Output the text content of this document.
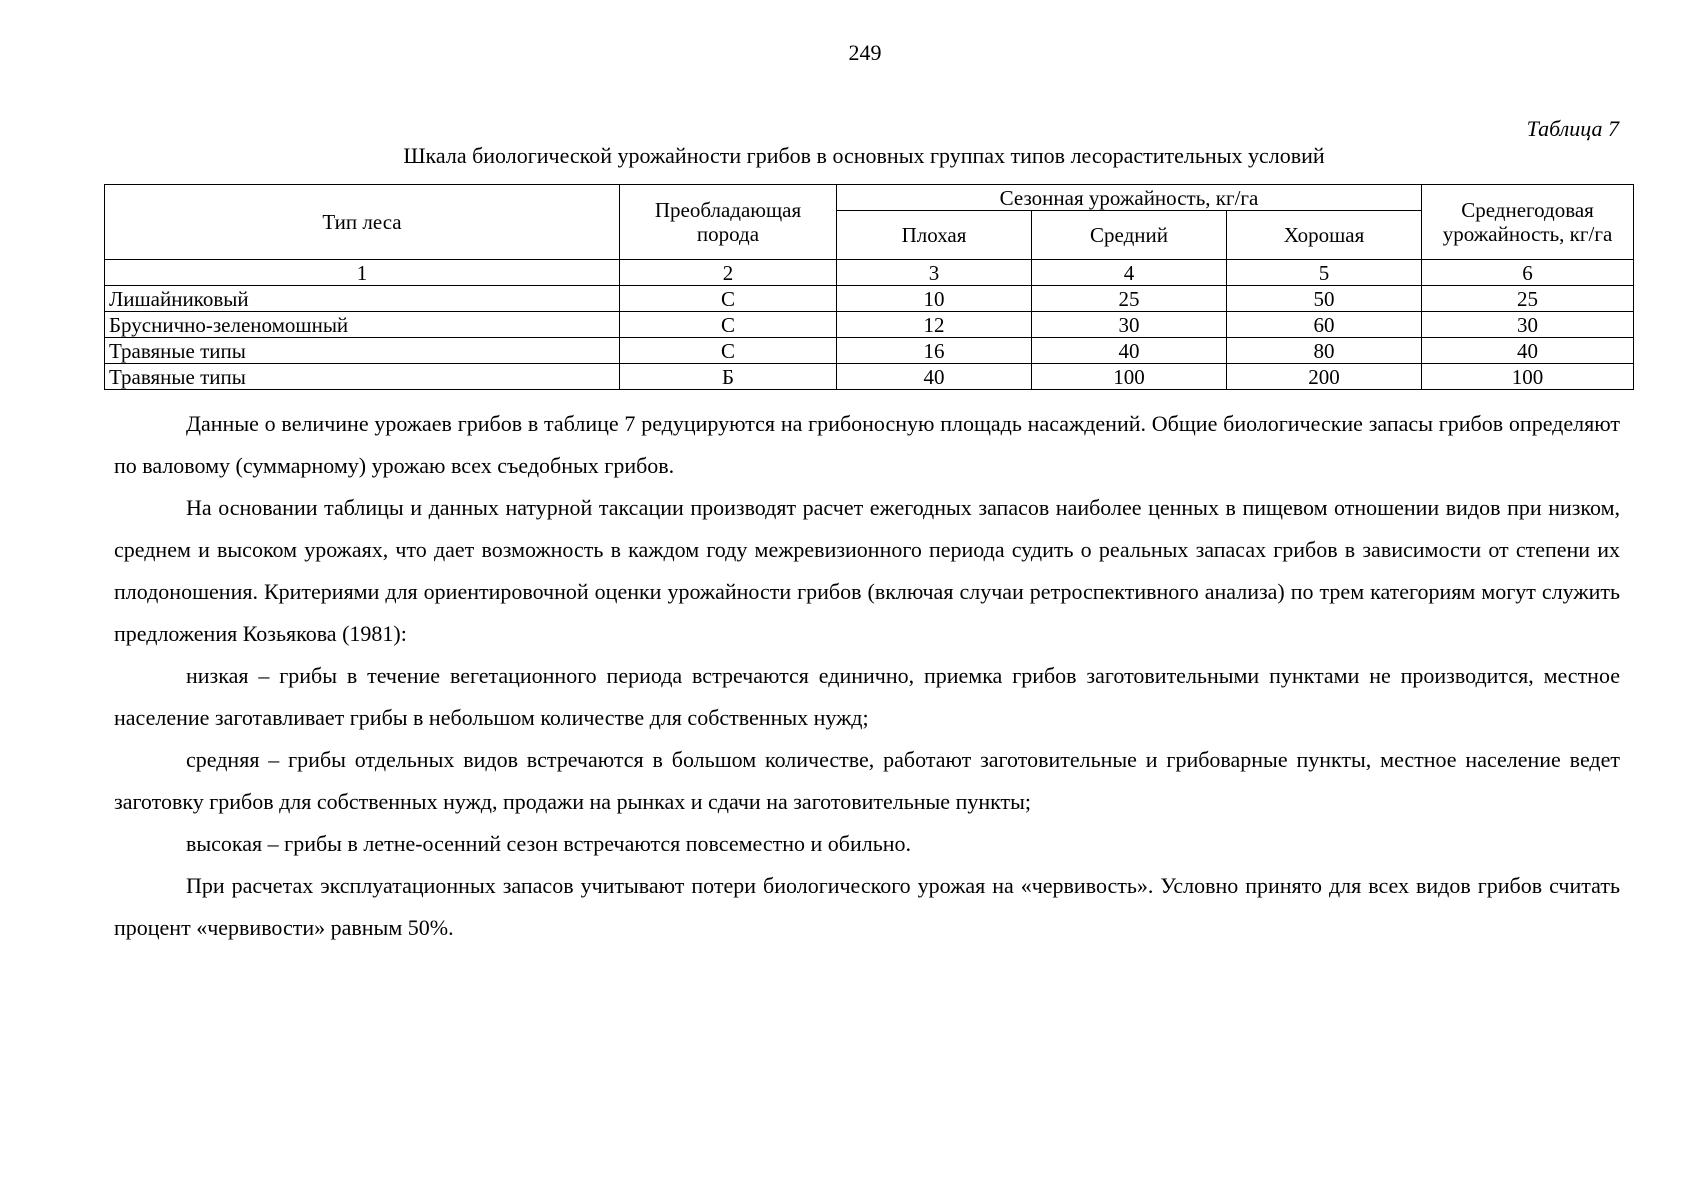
249
Таблица 7
Шкала биологической урожайности грибов в основных группах типов лесорастительных условий
Тип леса	Преобладающая порода	Сезонная урожайность, кг/га			Среднегодовая урожайность, кг/га
		Плохая	Средний	Хорошая	
1	2	3	4	5	6
Лишайниковый	С	10	25	50	25
Бруснично-зеленомошный	С	12	30	60	30
Травяные типы	С	16	40	80	40
Травяные типы	Б	40	100	200	100

Данные о величине урожаев грибов в таблице 7 редуцируются на грибоносную площадь насаждений. Общие биологические запасы грибов определяют по валовому (суммарному) урожаю всех съедобных грибов.

На основании таблицы и данных натурной таксации производят расчет ежегодных запасов наиболее ценных в пищевом отношении видов при низком, среднем и высоком урожаях, что дает возможность в каждом году межревизионного периода судить о реальных запасах грибов в зависимости от степени их плодоношения. Критериями для ориентировочной оценки урожайности грибов (включая случаи ретроспективного анализа) по трем категориям могут служить предложения Козьякова (1981):

низкая – грибы в течение вегетационного периода встречаются единично, приемка грибов заготовительными пунктами не производится, местное население заготавливает грибы в небольшом количестве для собственных нужд;

средняя – грибы отдельных видов встречаются в большом количестве, работают заготовительные и грибоварные пункты, местное население ведет заготовку грибов для собственных нужд, продажи на рынках и сдачи на заготовительные пункты;

высокая – грибы в летне-осенний сезон встречаются повсеместно и обильно.

При расчетах эксплуатационных запасов учитывают потери биологического урожая на «червивость». Условно принято для всех видов грибов считать процент «червивости» равным 50%.
